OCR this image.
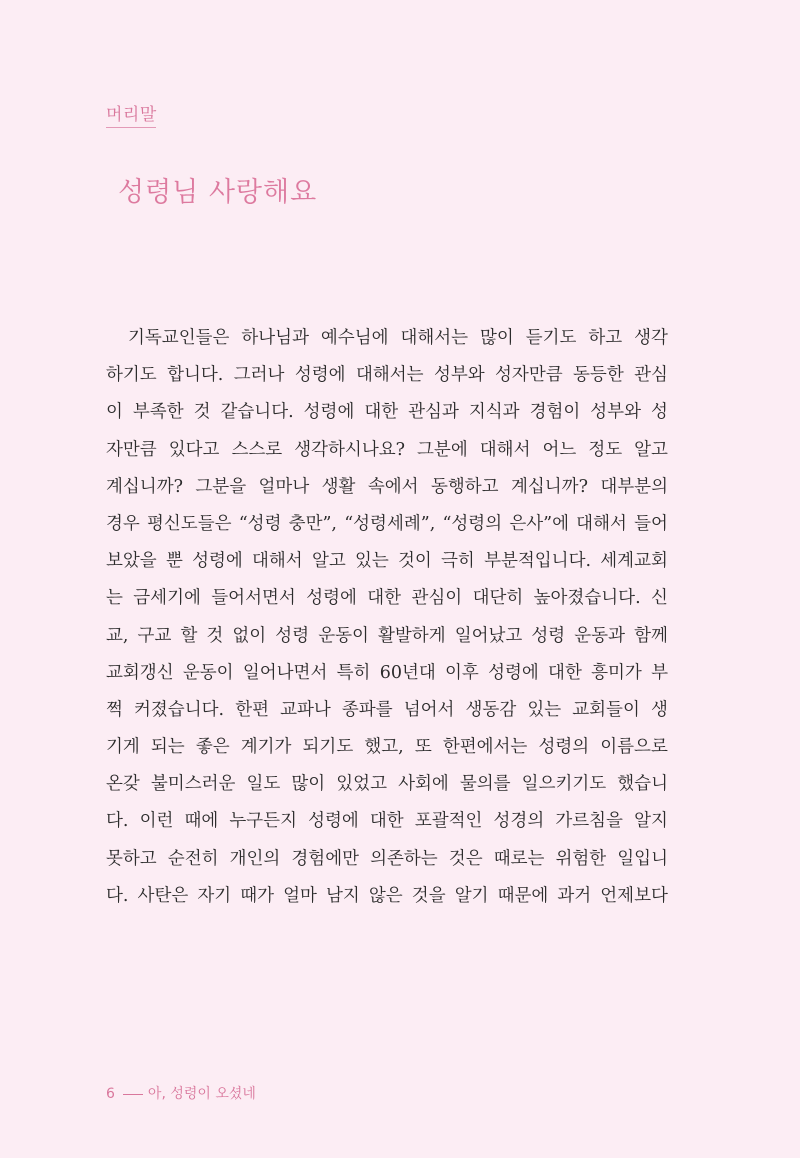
머리말
성령님 사랑해요
기독교인들은 하나님과 예수님에 대해서는 많이 듣기도 하고 생각
하기도 합니다. 그러나 성령에 대해서는 성부와 성자만큼 동등한 관심
이 부족한 것 같습니다. 성령에 대한 관심과 지식과 경험이 성부와 성
자만큼 있다고 스스로 생각하시나요? 그분에 대해서 어느 정도 알고
계십니까? 그분을 얼마나 생활 속에서 동행하고 계십니까? 대부분의
경우 평신도들은 “성령 충만”, “성령세례”, “성령의 은사”에 대해서 들어
보았을 뿐 성령에 대해서 알고 있는 것이 극히 부분적입니다. 세계교회
는 금세기에 들어서면서 성령에 대한 관심이 대단히 높아졌습니다. 신
교, 구교 할 것 없이 성령 운동이 활발하게 일어났고 성령 운동과 함께
교회갱신 운동이 일어나면서 특히 60년대 이후 성령에 대한 흥미가 부
쩍 커졌습니다. 한편 교파나 종파를 넘어서 생동감 있는 교회들이 생
기게 되는 좋은 계기가 되기도 했고, 또 한편에서는 성령의 이름으로
온갖 불미스러운 일도 많이 있었고 사회에 물의를 일으키기도 했습니
다. 이런 때에 누구든지 성령에 대한 포괄적인 성경의 가르침을 알지
못하고 순전히 개인의 경험에만 의존하는 것은 때로는 위험한 일입니
다. 사탄은 자기 때가 얼마 남지 않은 것을 알기 때문에 과거 언제보다
6 아, 성령이 오셨네
